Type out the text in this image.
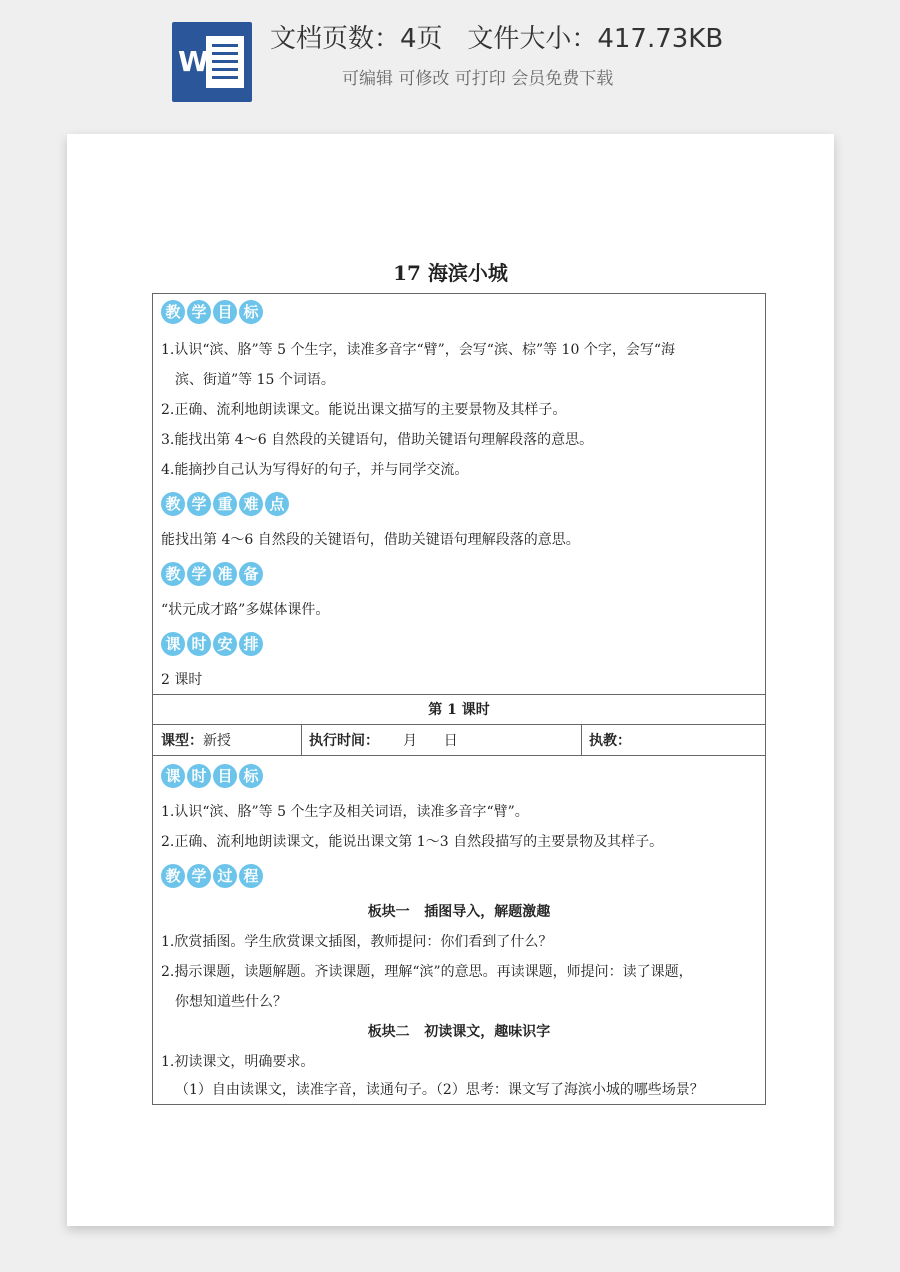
W
文档页数：4页   文件大小：417.73KB
可编辑 可修改 可打印 会员免费下载
17 海滨小城
教 学 目 标
1.认识“滨、胳”等 5 个生字，读准多音字“臂”，会写“滨、棕”等 10 个字，会写“海
滨、街道”等 15 个词语。
2.正确、流利地朗读课文。能说出课文描写的主要景物及其样子。
3.能找出第 4～6 自然段的关键语句，借助关键语句理解段落的意思。
4.能摘抄自己认为写得好的句子，并与同学交流。
教 学 重 难 点
能找出第 4～6 自然段的关键语句，借助关键语句理解段落的意思。
教 学 准 备
“状元成才路”多媒体课件。
课 时 安 排
2 课时
第 1 课时
课型：新授	执行时间： 月      日	执教：
课 时 目 标
1.认识“滨、胳”等 5 个生字及相关词语，读准多音字“臂”。
2.正确、流利地朗读课文，能说出课文第 1～3 自然段描写的主要景物及其样子。
教 学 过 程
板块一   插图导入，解题激趣
1.欣赏插图。学生欣赏课文插图，教师提问：你们看到了什么？
2.揭示课题，读题解题。齐读课题，理解“滨”的意思。再读课题，师提问：读了课题，
你想知道些什么？
板块二   初读课文，趣味识字
1.初读课文，明确要求。
（1）自由读课文，读准字音，读通句子。（2）思考：课文写了海滨小城的哪些场景？
